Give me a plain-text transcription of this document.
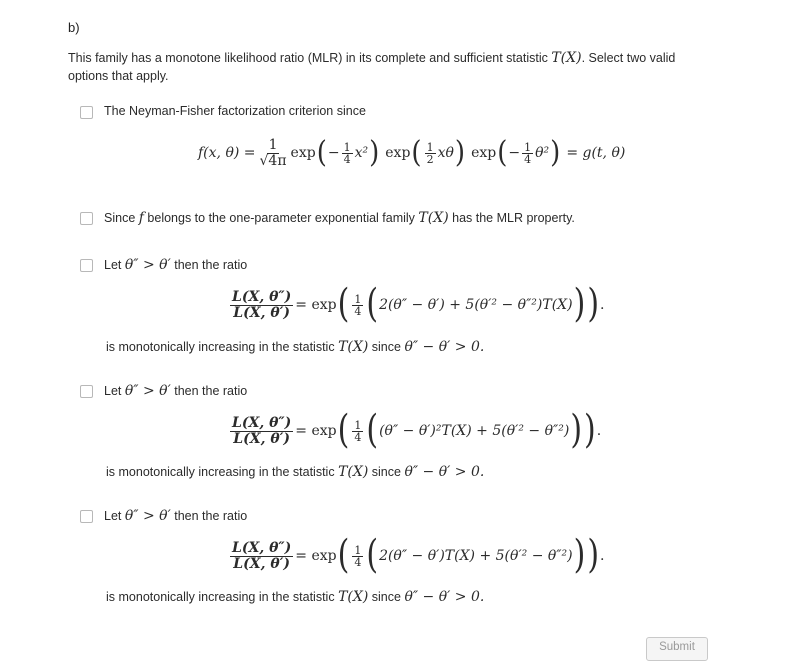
b)
This family has a monotone likelihood ratio (MLR) in its complete and sufficient statistic T(X). Select two valid options that apply.
The Neyman-Fisher factorization criterion since
f(x, $\theta) = \frac{1}{√4\pi}$ exp ( − $\frac{1}{4} x^2$ ) exp ( $\frac{1}{2}$ xθ ) exp ( − $\frac{1}{4} \theta^2$ ) = g(t, θ)
Since f belongs to the one-parameter exponential family T(X) has the MLR property.
Let θ″ > θ′ then the ratio
$\frac{L(X, \theta'')}{L(X, \theta')} = \exp$ ( $\frac{1}{4}$ ( 2(θ″ − θ′) + 5(θ′² − θ″²)T(X) ) ) .
is monotonically increasing in the statistic T(X) since θ″ − θ′ > 0.
Let θ″ > θ′ then the ratio
$\frac{L(X, \theta'')}{L(X, \theta')} = \exp$ ( $\frac{1}{4}$ ( (θ″ − θ′)²T(X) + 5(θ′² − θ″²) ) ) .
is monotonically increasing in the statistic T(X) since θ″ − θ′ > 0.
Let θ″ > θ′ then the ratio
$\frac{L(X, \theta'')}{L(X, \theta')} = \exp$ ( $\frac{1}{4}$ ( 2(θ″ − θ′)T(X) + 5(θ′² − θ″²) ) ) .
is monotonically increasing in the statistic T(X) since θ″ − θ′ > 0.
Submit
